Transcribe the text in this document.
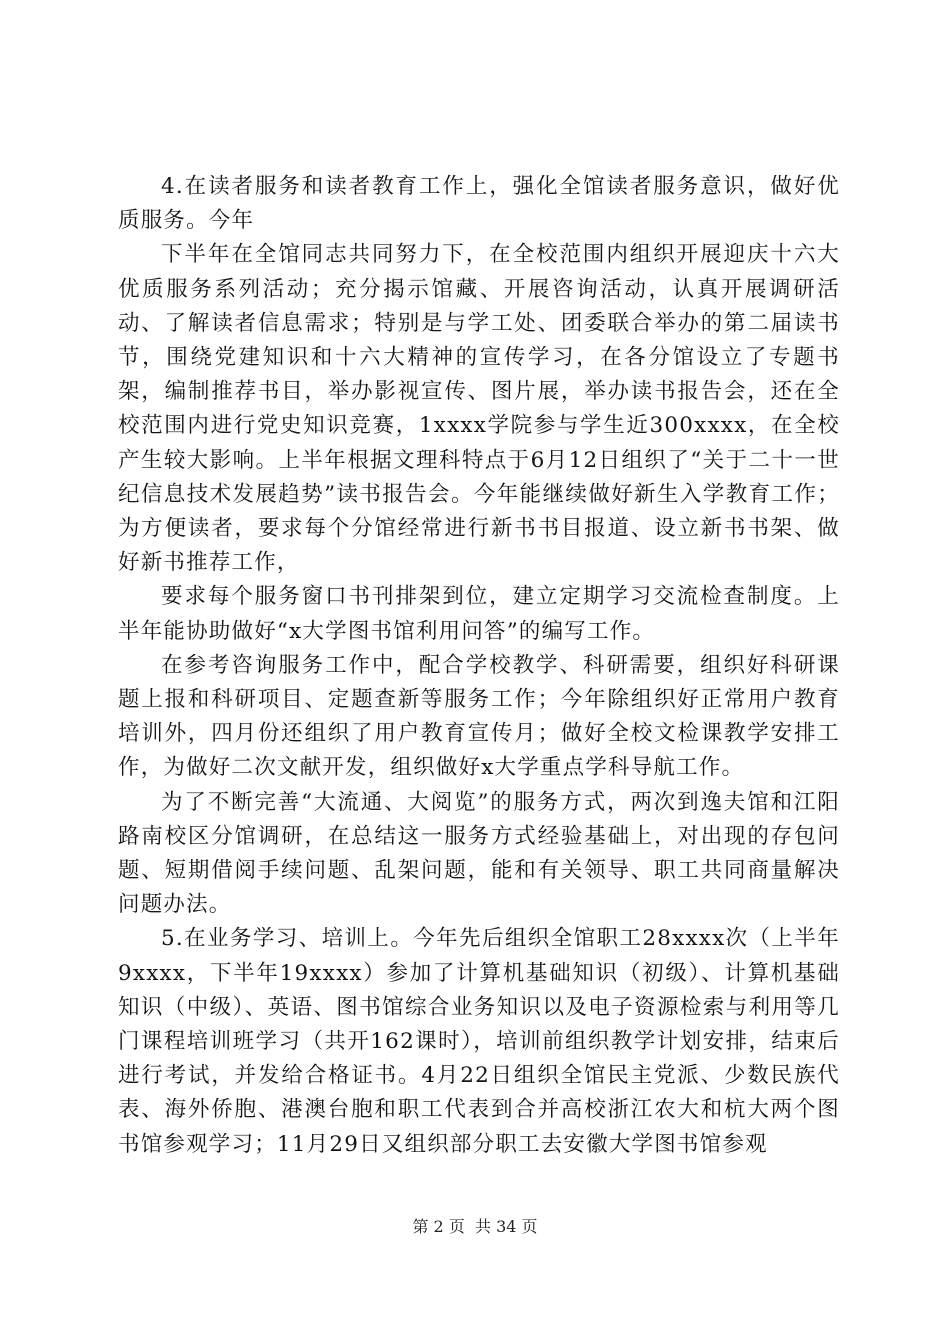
4.在读者服务和读者教育工作上，强化全馆读者服务意识，做好优质服务。今年

下半年在全馆同志共同努力下，在全校范围内组织开展迎庆十六大优质服务系列活动；充分揭示馆藏、开展咨询活动，认真开展调研活动、了解读者信息需求；特别是与学工处、团委联合举办的第二届读书节，围绕党建知识和十六大精神的宣传学习，在各分馆设立了专题书架，编制推荐书目，举办影视宣传、图片展，举办读书报告会，还在全校范围内进行党史知识竞赛，1xxxx学院参与学生近300xxxx，在全校产生较大影响。上半年根据文理科特点于6月12日组织了“关于二十一世纪信息技术发展趋势”读书报告会。今年能继续做好新生入学教育工作；为方便读者，要求每个分馆经常进行新书书目报道、设立新书书架、做好新书推荐工作，

要求每个服务窗口书刊排架到位，建立定期学习交流检查制度。上半年能协助做好“x大学图书馆利用问答”的编写工作。

在参考咨询服务工作中，配合学校教学、科研需要，组织好科研课题上报和科研项目、定题查新等服务工作；今年除组织好正常用户教育培训外，四月份还组织了用户教育宣传月；做好全校文检课教学安排工作，为做好二次文献开发，组织做好x大学重点学科导航工作。

为了不断完善“大流通、大阅览”的服务方式，两次到逸夫馆和江阳路南校区分馆调研，在总结这一服务方式经验基础上，对出现的存包问题、短期借阅手续问题、乱架问题，能和有关领导、职工共同商量解决问题办法。

5.在业务学习、培训上。今年先后组织全馆职工28xxxx次（上半年9xxxx，下半年19xxxx）参加了计算机基础知识（初级）、计算机基础知识（中级）、英语、图书馆综合业务知识以及电子资源检索与利用等几门课程培训班学习（共开162课时），培训前组织教学计划安排，结束后进行考试，并发给合格证书。4月22日组织全馆民主党派、少数民族代表、海外侨胞、港澳台胞和职工代表到合并高校浙江农大和杭大两个图书馆参观学习；11月29日又组织部分职工去安徽大学图书馆参观

第 2 页  共 34 页
